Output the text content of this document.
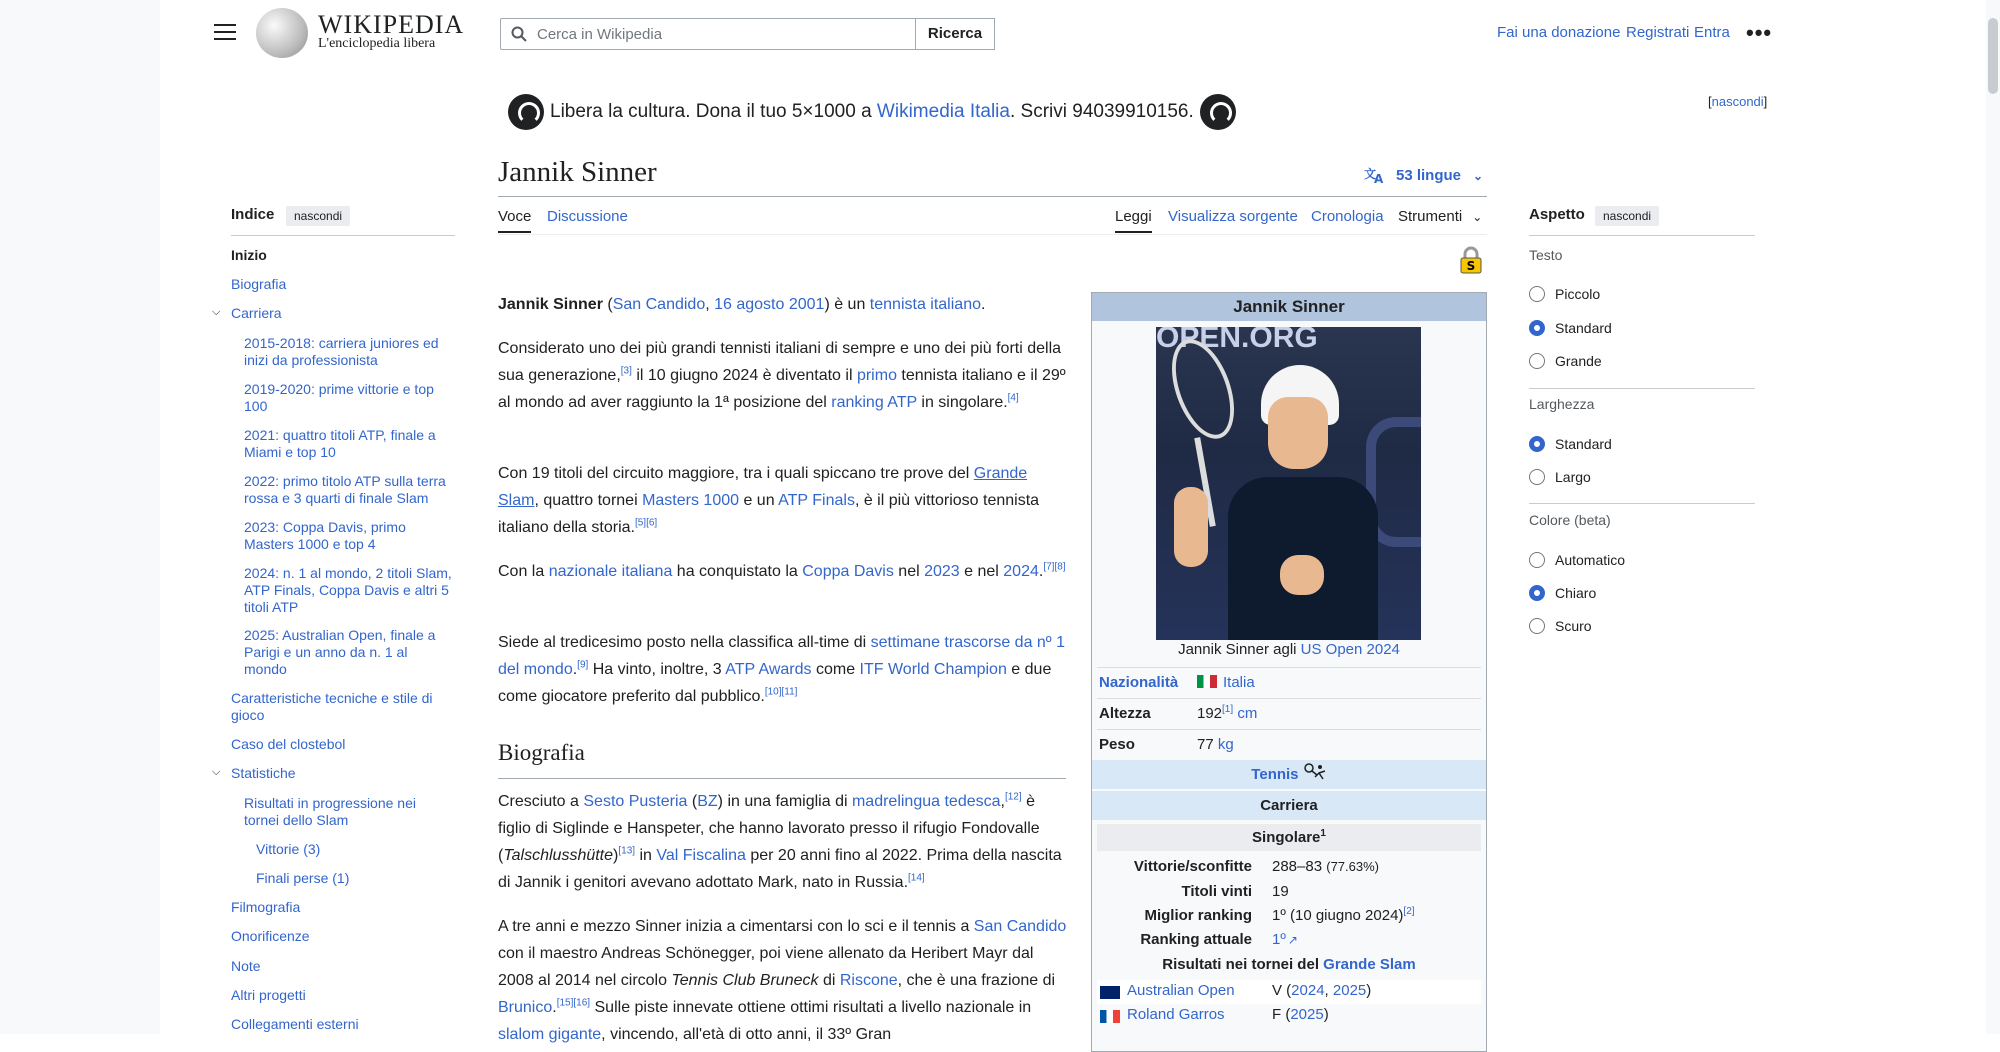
WIKIPEDIA
L'enciclopedia libera
Cerca in Wikipedia	Ricerca	Fai una donazione Registrati Entra •••
Libera la cultura. Dona il tuo 5×1000 a Wikimedia Italia . Scrivi 94039910156.	[nascondi]
Jannik Sinner	文
A 53 lingue ⌄
Voce Discussione	Leggi Visualizza sorgente Cronologia Strumenti ⌄
S
Indice	nascondi
Inizio
Biografia
⌵ Carriera
2015-2018: carriera juniores ed inizi da professionista
2019-2020: prime vittorie e top 100
2021: quattro titoli ATP, finale a Miami e top 10
2022: primo titolo ATP sulla terra rossa e 3 quarti di finale Slam
2023: Coppa Davis, primo Masters 1000 e top 4
2024: n. 1 al mondo, 2 titoli Slam, ATP Finals, Coppa Davis e altri 5 titoli ATP
2025: Australian Open, finale a Parigi e un anno da n. 1 al mondo
Caratteristiche tecniche e stile di gioco
Caso del clostebol
⌵ Statistiche
Risultati in progressione nei tornei dello Slam
Vittorie (3)
Finali perse (1)
Filmografia
Onorificenze
Note
Altri progetti
Collegamenti esterni
Aspetto	nascondi
Testo
Piccolo
Standard
Grande
Larghezza
Standard
Largo
Colore (beta)
Automatico
Chiaro
Scuro

Jannik Sinner (San Candido, 16 agosto 2001) è un tennista italiano.

Considerato uno dei più grandi tennisti italiani di sempre e uno dei più forti della sua generazione,[3] il 10 giugno 2024 è diventato il primo tennista italiano e il 29º al mondo ad aver raggiunto la 1ª posizione del ranking ATP in singolare.[4]

Con 19 titoli del circuito maggiore, tra i quali spiccano tre prove del Grande Slam, quattro tornei Masters 1000 e un ATP Finals, è il più vittorioso tennista italiano della storia.[5][6]

Con la nazionale italiana ha conquistato la Coppa Davis nel 2023 e nel 2024.[7][8]

Siede al tredicesimo posto nella classifica all-time di settimane trascorse da nº 1 del mondo.[9] Ha vinto, inoltre, 3 ATP Awards come ITF World Champion e due come giocatore preferito dal pubblico.[10][11]

Biografia

Cresciuto a Sesto Pusteria (BZ) in una famiglia di madrelingua tedesca,[12] è figlio di Siglinde e Hanspeter, che hanno lavorato presso il rifugio Fondovalle (Talschlusshütte)[13] in Val Fiscalina per 20 anni fino al 2022. Prima della nascita di Jannik i genitori avevano adottato Mark, nato in Russia.[14]

A tre anni e mezzo Sinner inizia a cimentarsi con lo sci e il tennis a San Candido con il maestro Andreas Schönegger, poi viene allenato da Heribert Mayr dal 2008 al 2014 nel circolo Tennis Club Bruneck di Riscone, che è una frazione di Brunico.[15][16] Sulle piste innevate ottiene ottimi risultati a livello nazionale in slalom gigante, vincendo, all'età di otto anni, il 33º Gran

Jannik Sinner
OPEN.ORG
Jannik Sinner agli US Open 2024
Nazionalità	Italia
Altezza	192[1] cm
Peso	77 kg
Tennis
Carriera
Singolare$^1$
Vittorie/sconfitte 288–83 (77.63%)
Titoli vinti 19
Miglior ranking 1º (10 giugno 2024)[2]
Ranking attuale 1º ↗
Risultati nei tornei del Grande Slam
Australian Open V (2024, 2025)
Roland Garros	F (2025)
